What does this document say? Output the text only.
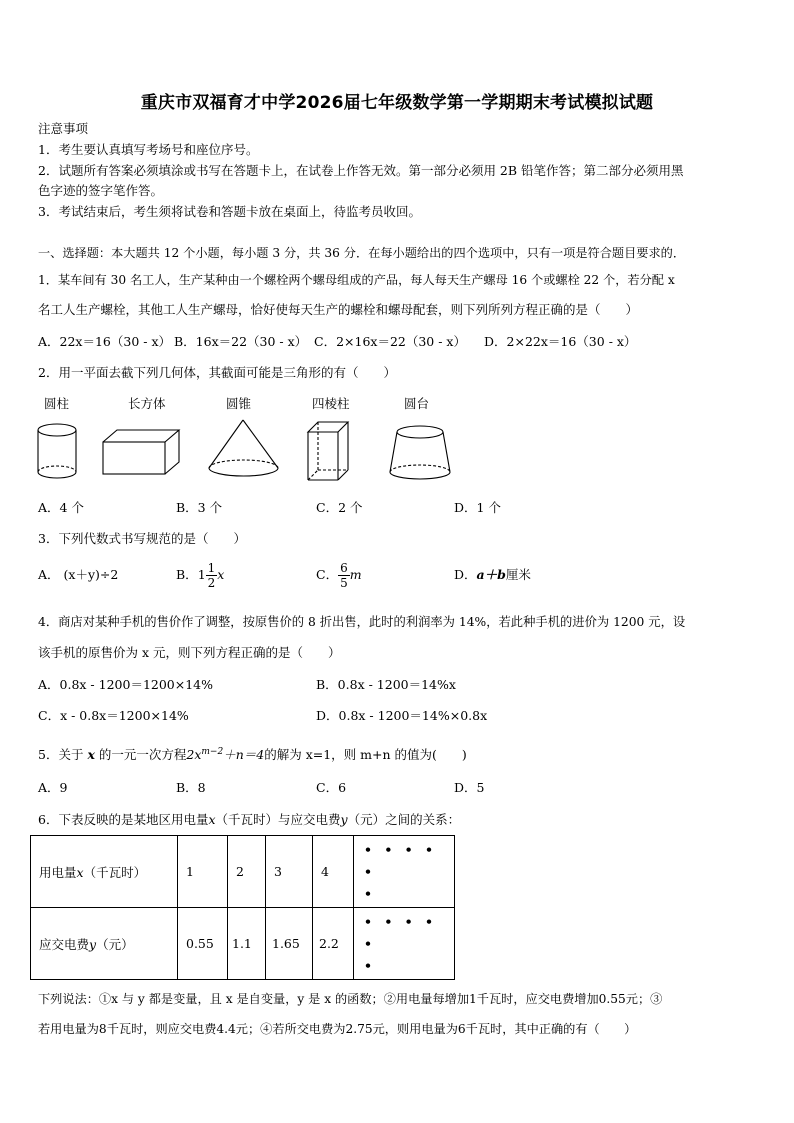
重庆市双福育才中学2026届七年级数学第一学期期末考试模拟试题
注意事项
1．考生要认真填写考场号和座位序号。
2．试题所有答案必须填涂或书写在答题卡上，在试卷上作答无效。第一部分必须用 2B 铅笔作答；第二部分必须用黑
色字迹的签字笔作答。
3．考试结束后，考生须将试卷和答题卡放在桌面上，待监考员收回。
一、选择题：本大题共 12 个小题，每小题 3 分，共 36 分．在每小题给出的四个选项中，只有一项是符合题目要求的．
1．某车间有 30 名工人，生产某种由一个螺栓两个螺母组成的产品，每人每天生产螺母 16 个或螺栓 22 个，若分配 x
名工人生产螺栓，其他工人生产螺母，恰好使每天生产的螺栓和螺母配套，则下列所列方程正确的是（　　）
A．22x＝16（30 - x） B．16x＝22（30 - x） C．2×16x＝22（30 - x） D．2×22x＝16（30 - x）
2．用一平面去截下列几何体，其截面可能是三角形的有（　　）
圆柱	长方体	圆锥	四棱柱	圆台
A．4 个	B．3 个	C．2 个	D．1 个
3．下列代数式书写规范的是（　　）
A． (x＋y)÷2	B．$1 \frac{1}{2}$ x	C． $\frac{6}{5}$ m	D．a＋b厘米
4．商店对某种手机的售价作了调整，按原售价的 8 折出售，此时的利润率为 14%，若此种手机的进价为 1200 元，设
该手机的原售价为 x 元，则下列方程正确的是（　　）
A．0.8x - 1200＝1200×14%	B．0.8x - 1200＝14%x
C．x - 0.8x＝1200×14%	D．0.8x - 1200＝14%×0.8x
5．关于 x 的一元一次方程$2x^{m-2}+n=4$的解为 x=1，则 m+n 的值为(　　)
A．9	B．8	C．6	D．5
6．下表反映的是某地区用电量x（千瓦时）与应交电费y（元）之间的关系：
用电量x（千瓦时）	1	2	3	4	• • • • •
•
应交电费y（元）	0.55	1.1	1.65	2.2	• • • • •
•
下列说法：①x 与 y 都是变量，且 x 是自变量，y 是 x 的函数；②用电量每增加1千瓦时，应交电费增加0.55元；③
若用电量为8千瓦时，则应交电费4.4元；④若所交电费为2.75元，则用电量为6千瓦时，其中正确的有（　　）
